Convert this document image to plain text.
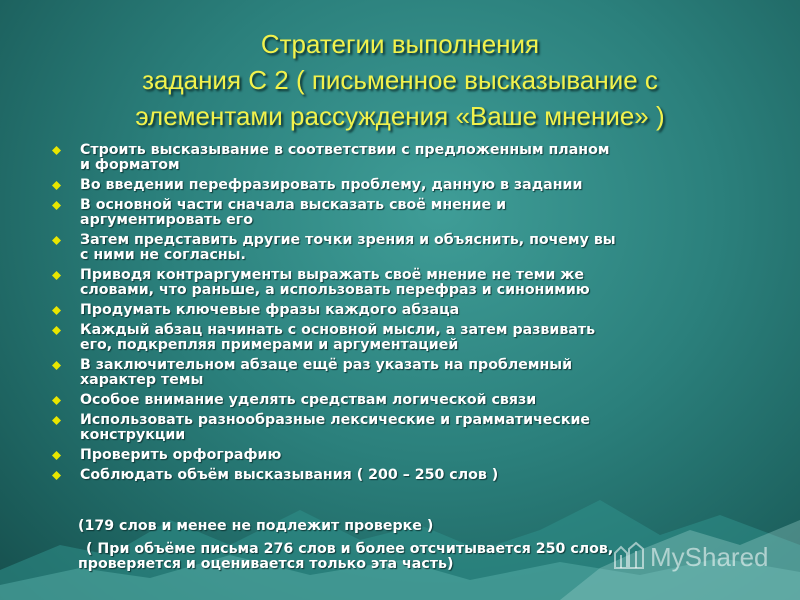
Стратегии выполнения
задания С 2 ( письменное высказывание с
элементами рассуждения «Ваше мнение» )
Строить высказывание в соответствии с предложенным планом
и форматом
Во введении перефразировать проблему, данную в задании
В основной части сначала высказать своё мнение и
аргументировать его
Затем представить другие точки зрения и объяснить, почему вы
с ними не согласны.
Приводя контраргументы выражать своё мнение не теми же
словами, что раньше, а использовать перефраз и синонимию
Продумать ключевые фразы каждого абзаца
Каждый абзац начинать с основной мысли, а затем развивать
его, подкрепляя примерами и аргументацией
В заключительном абзаце ещё раз указать на проблемный
характер темы
Особое внимание уделять средствам логической связи
Использовать разнообразные лексические и грамматические
конструкции
Проверить орфографию
Соблюдать объём высказывания ( 200 – 250 слов )
(179 слов и менее не подлежит проверке )
( При объёме письма 276 слов и более отсчитывается 250 слов,
проверяется и оценивается только эта часть)	MyShared
